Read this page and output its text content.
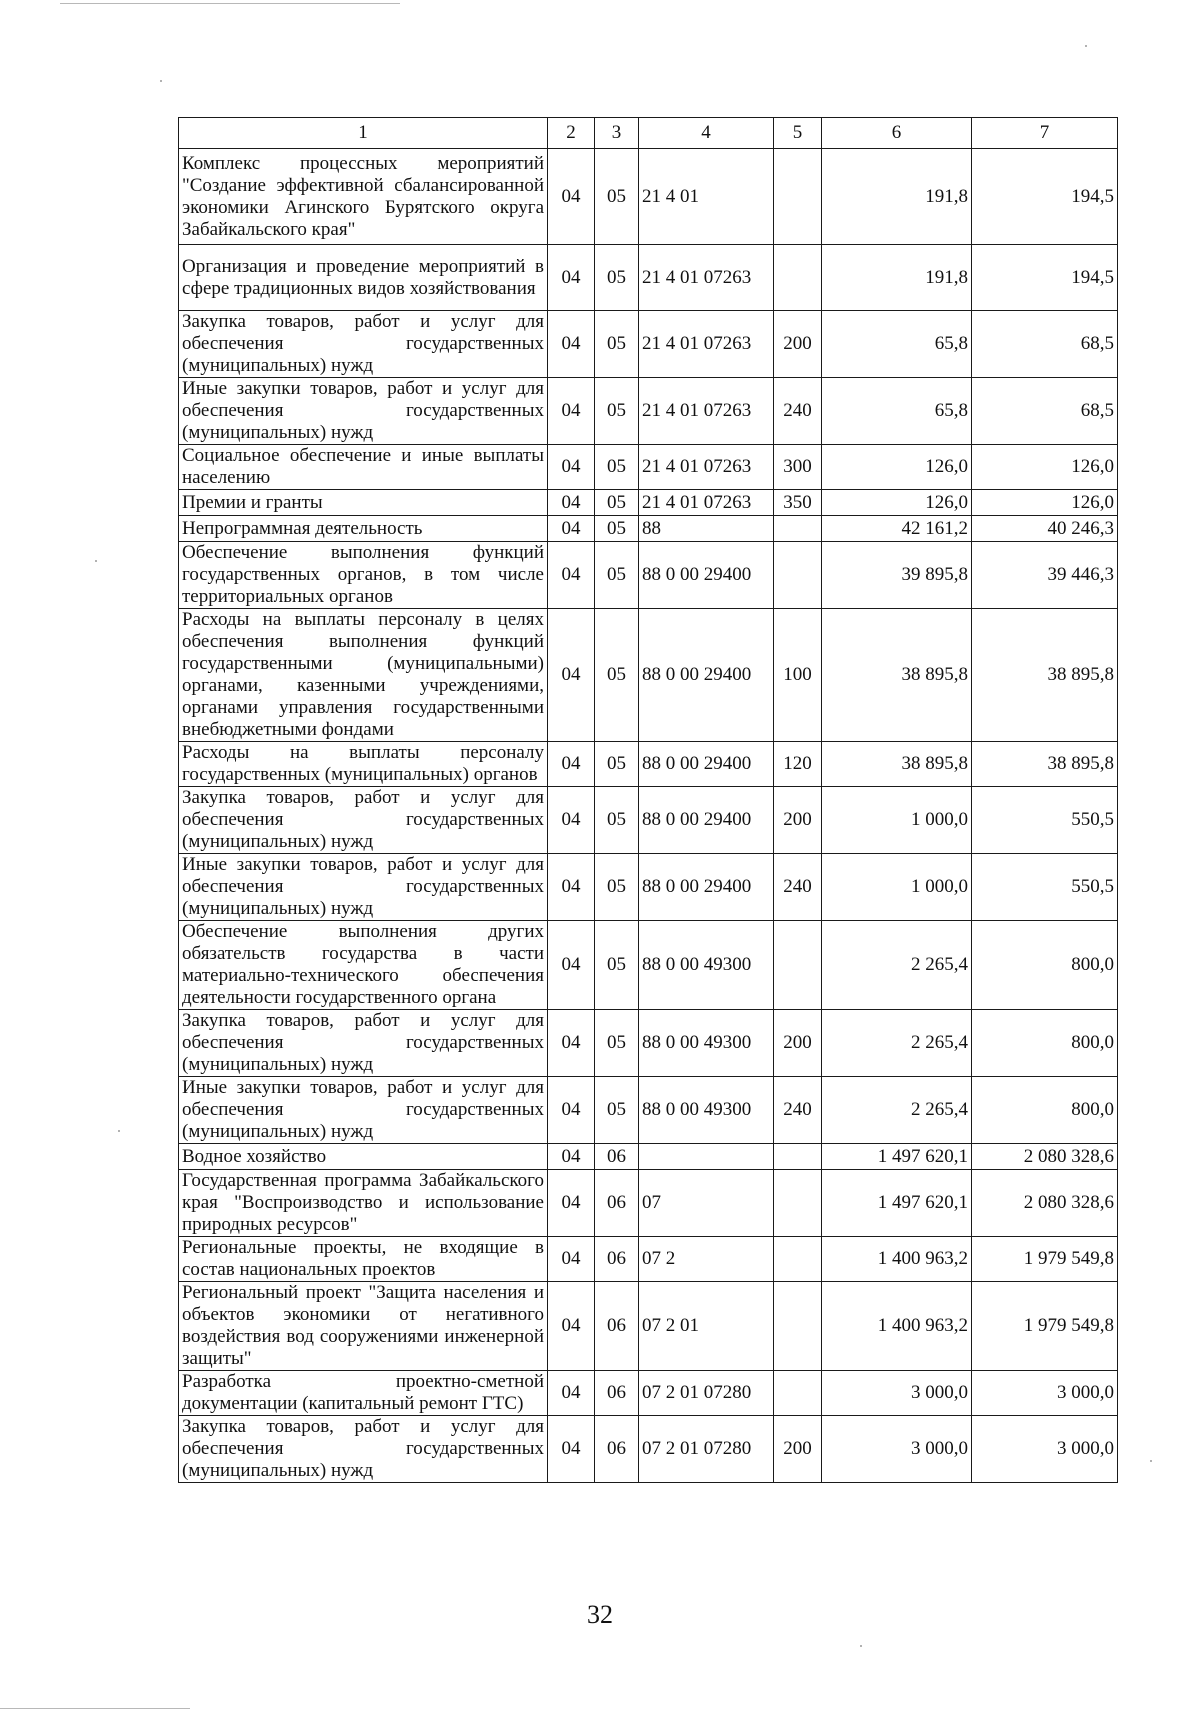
1	2	3	4	5	6	7
Комплекс процессных мероприятий "Создание эффективной сбалансированной экономики Агинского Бурятского округа Забайкальского края"	04	05	21 4 01		191,8	194,5
Организация и проведение мероприятий в сфере традиционных видов хозяйствования	04	05	21 4 01 07263		191,8	194,5
Закупка товаров, работ и услуг для обеспечения государственных (муниципальных) нужд	04	05	21 4 01 07263	200	65,8	68,5
Иные закупки товаров, работ и услуг для обеспечения государственных (муниципальных) нужд	04	05	21 4 01 07263	240	65,8	68,5
Социальное обеспечение и иные выплаты населению	04	05	21 4 01 07263	300	126,0	126,0
Премии и гранты	04	05	21 4 01 07263	350	126,0	126,0
Непрограммная деятельность	04	05	88		42 161,2	40 246,3
Обеспечение выполнения функций государственных органов, в том числе территориальных органов	04	05	88 0 00 29400		39 895,8	39 446,3
Расходы на выплаты персоналу в целях обеспечения выполнения функций государственными (муниципальными) органами, казенными учреждениями, органами управления государственными внебюджетными фондами	04	05	88 0 00 29400	100	38 895,8	38 895,8
Расходы на выплаты персоналу государственных (муниципальных) органов	04	05	88 0 00 29400	120	38 895,8	38 895,8
Закупка товаров, работ и услуг для обеспечения государственных (муниципальных) нужд	04	05	88 0 00 29400	200	1 000,0	550,5
Иные закупки товаров, работ и услуг для обеспечения государственных (муниципальных) нужд	04	05	88 0 00 29400	240	1 000,0	550,5
Обеспечение выполнения других обязательств государства в части материально-технического обеспечения деятельности государственного органа	04	05	88 0 00 49300		2 265,4	800,0
Закупка товаров, работ и услуг для обеспечения государственных (муниципальных) нужд	04	05	88 0 00 49300	200	2 265,4	800,0
Иные закупки товаров, работ и услуг для обеспечения государственных (муниципальных) нужд	04	05	88 0 00 49300	240	2 265,4	800,0
Водное хозяйство	04	06			1 497 620,1	2 080 328,6
Государственная программа Забайкальского края "Воспроизводство и использование природных ресурсов"	04	06	07		1 497 620,1	2 080 328,6
Региональные проекты, не входящие в состав национальных проектов	04	06	07 2		1 400 963,2	1 979 549,8
Региональный проект "Защита населения и объектов экономики от негативного воздействия вод сооружениями инженерной защиты"	04	06	07 2 01		1 400 963,2	1 979 549,8
Разработка проектно-сметной документации (капитальный ремонт ГТС)	04	06	07 2 01 07280		3 000,0	3 000,0
Закупка товаров, работ и услуг для обеспечения государственных (муниципальных) нужд	04	06	07 2 01 07280	200	3 000,0	3 000,0
32
